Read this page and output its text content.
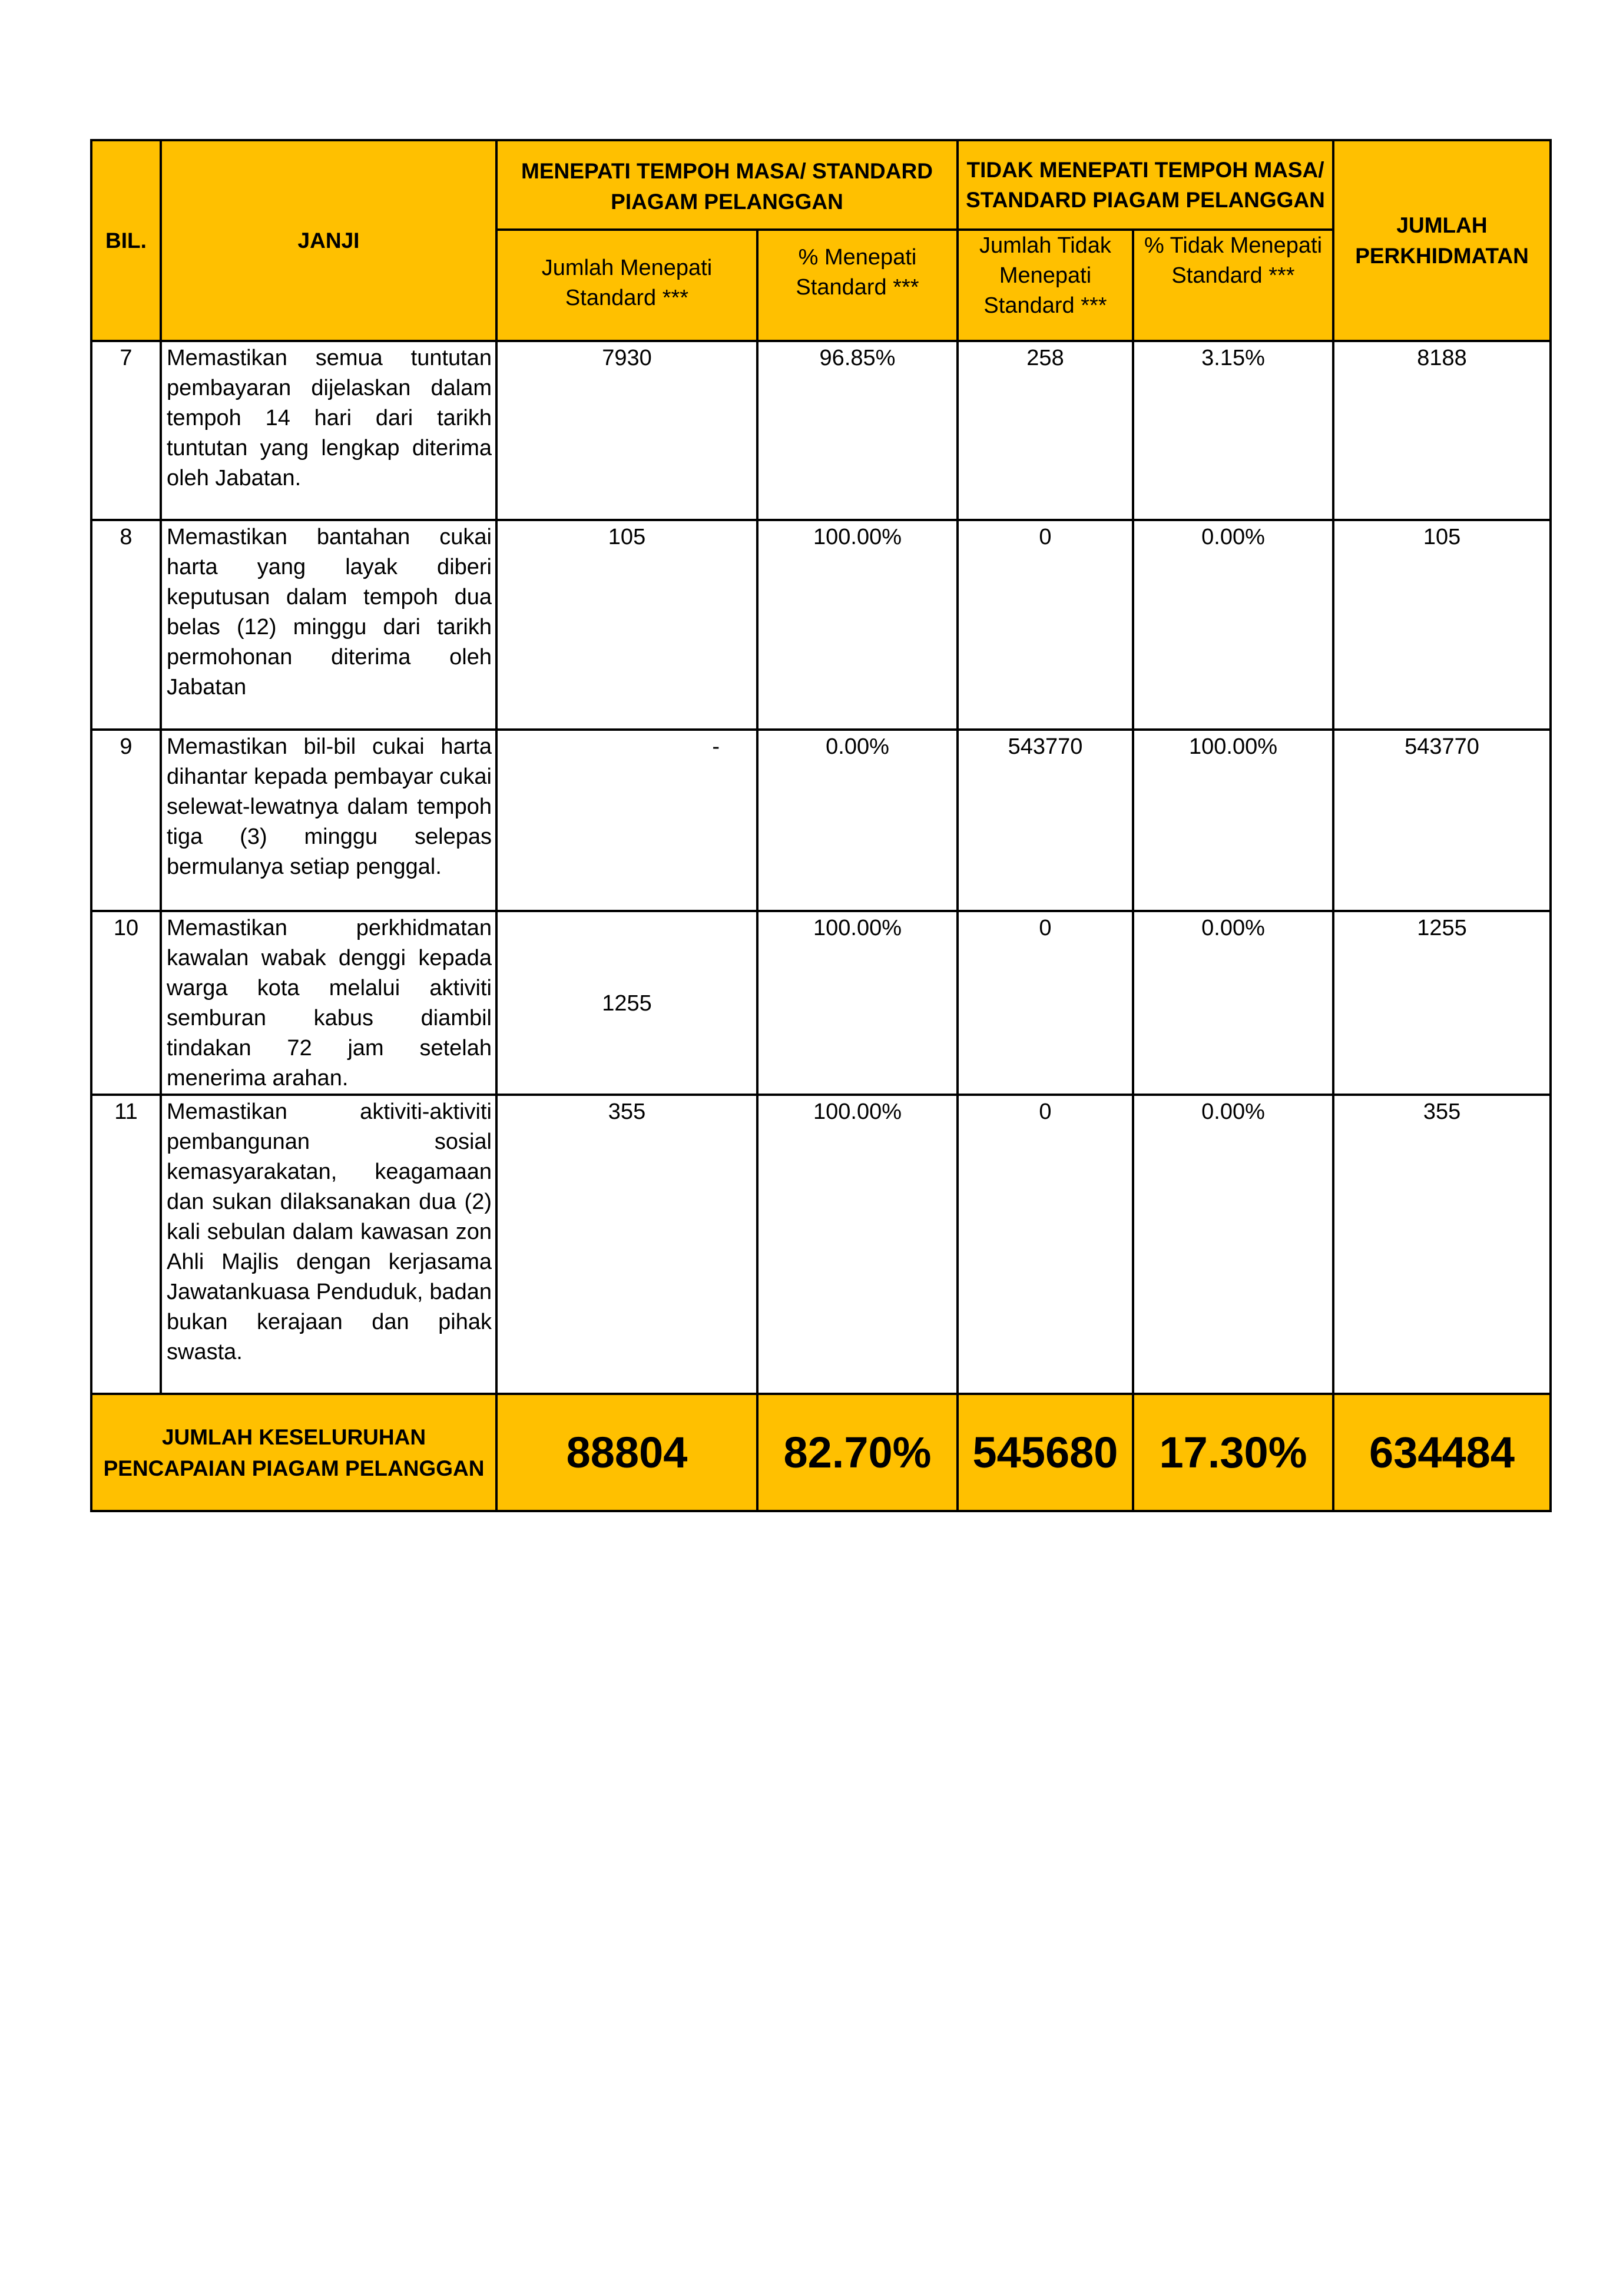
BIL.	JANJI	MENEPATI TEMPOH MASA/ STANDARD PIAGAM PELANGGAN		TIDAK MENEPATI TEMPOH MASA/ STANDARD PIAGAM PELANGGAN		JUMLAH PERKHIDMATAN
		Jumlah Menepati Standard ***	% Menepati Standard ***	Jumlah Tidak Menepati Standard ***	% Tidak Menepati Standard ***	
7	Memastikan semua tuntutan pembayaran dijelaskan dalam tempoh 14 hari dari tarikh tuntutan yang lengkap diterima oleh Jabatan.	7930	96.85%	258	3.15%	8188
8	Memastikan bantahan cukai harta yang layak diberi keputusan dalam tempoh dua belas (12) minggu dari tarikh permohonan diterima oleh Jabatan	105	100.00%	0	0.00%	105
9	Memastikan bil-bil cukai harta dihantar kepada pembayar cukai selewat-lewatnya dalam tempoh tiga (3) minggu selepas bermulanya setiap penggal.	-	0.00%	543770	100.00%	543770
10	Memastikan perkhidmatan kawalan wabak denggi kepada warga kota melalui aktiviti semburan kabus diambil tindakan 72 jam setelah menerima arahan.	1255	100.00%	0	0.00%	1255
11	Memastikan aktiviti-aktiviti pembangunan sosial kemasyarakatan, keagamaan dan sukan dilaksanakan dua (2) kali sebulan dalam kawasan zon Ahli Majlis dengan kerjasama Jawatankuasa Penduduk, badan bukan kerajaan dan pihak swasta.	355	100.00%	0	0.00%	355
JUMLAH KESELURUHAN PENCAPAIAN PIAGAM PELANGGAN		88804	82.70%	545680	17.30%	634484
